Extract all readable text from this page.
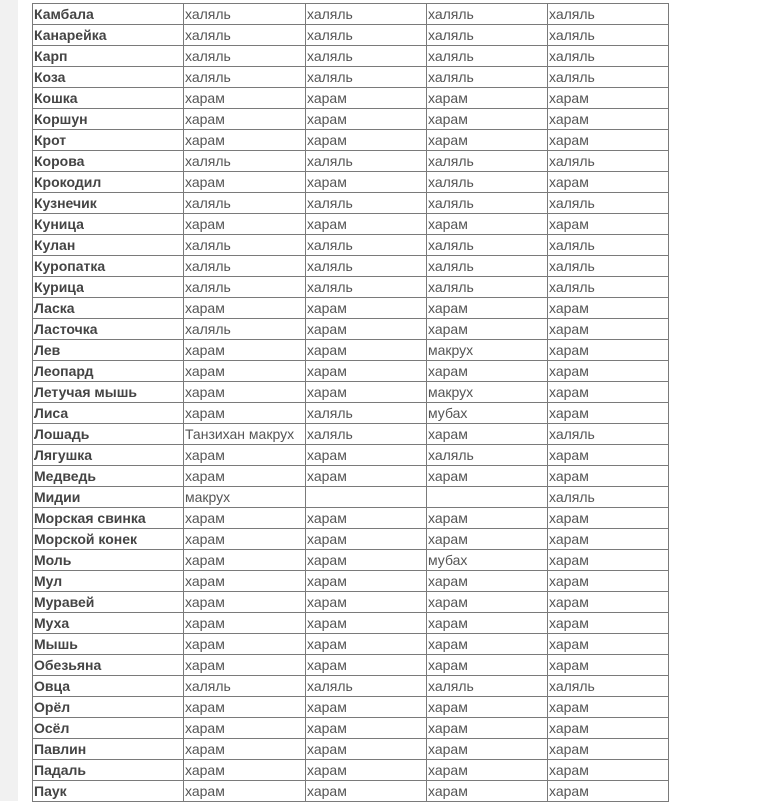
Камбала	халяль	халяль	халяль	халяль
Канарейка	халяль	халяль	халяль	халяль
Карп	халяль	халяль	халяль	халяль
Коза	халяль	халяль	халяль	халяль
Кошка	харам	харам	харам	харам
Коршун	харам	харам	харам	харам
Крот	харам	харам	харам	харам
Корова	халяль	халяль	халяль	халяль
Крокодил	харам	харам	халяль	харам
Кузнечик	халяль	халяль	халяль	халяль
Куница	харам	харам	харам	харам
Кулан	халяль	халяль	халяль	халяль
Куропатка	халяль	халяль	халяль	халяль
Курица	халяль	халяль	халяль	халяль
Ласка	харам	харам	харам	харам
Ласточка	халяль	харам	харам	харам
Лев	харам	харам	макрух	харам
Леопард	харам	харам	харам	харам
Летучая мышь	харам	харам	макрух	харам
Лиса	харам	халяль	мубах	харам
Лошадь	Танзихан макрух	халяль	харам	халяль
Лягушка	харам	харам	халяль	харам
Медведь	харам	харам	харам	харам
Мидии	макрух			халяль
Морская свинка	харам	харам	харам	харам
Морской конек	харам	харам	харам	харам
Моль	харам	харам	мубах	харам
Мул	харам	харам	харам	харам
Муравей	харам	харам	харам	харам
Муха	харам	харам	харам	харам
Мышь	харам	харам	харам	харам
Обезьяна	харам	харам	харам	харам
Овца	халяль	халяль	халяль	халяль
Орёл	харам	харам	харам	харам
Осёл	харам	харам	харам	харам
Павлин	харам	харам	харам	харам
Падаль	харам	харам	харам	харам
Паук	харам	харам	харам	харам
